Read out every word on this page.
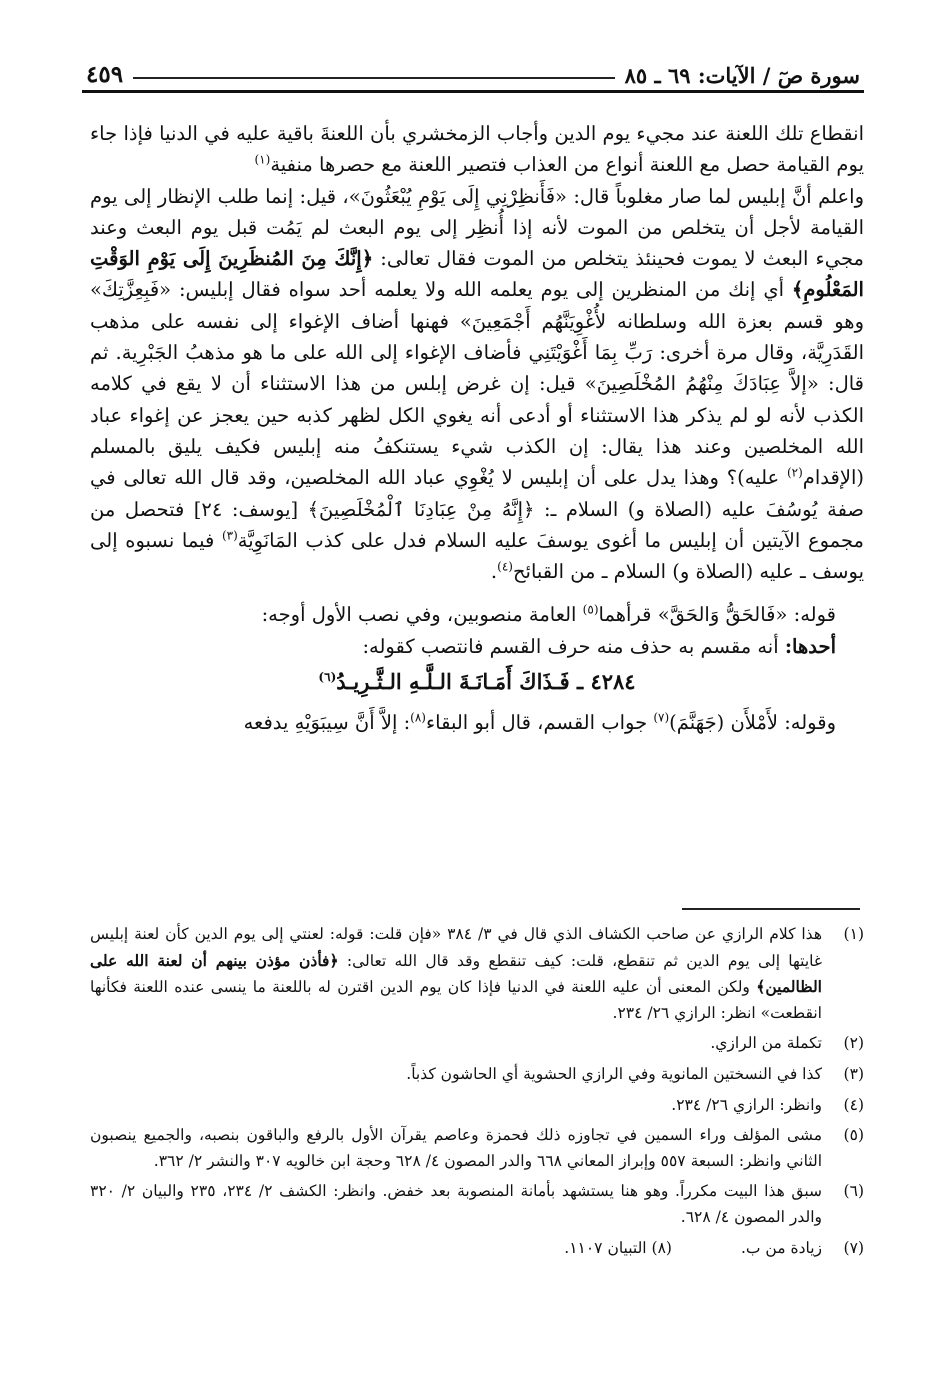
سورة صٓ / الآيات: ٦٩ ـ ٨٥
٤٥٩

انقطاع تلك اللعنة عند مجيء يوم الدين وأجاب الزمخشري بأن اللعنةَ باقية عليه في الدنيا فإذا جاء يوم القيامة حصل مع اللعنة أنواع من العذاب فتصير اللعنة مع حصرها منفية$^{(١)}$

واعلم أنَّ إبليس لما صار مغلوباً قال: «فَأَنظِرْنِي إِلَى يَوْمِ يُبْعَثُونَ»، قيل: إنما طلب الإنظار إلى يوم القيامة لأجل أن يتخلص من الموت لأنه إذا أُنظِر إلى يوم البعث لم يَمُت قبل يوم البعث وعند مجيء البعث لا يموت فحينئذ يتخلص من الموت فقال تعالى: ﴿إِنَّكَ مِنَ المُنظَرِينَ إِلَى يَوْمِ الوَقْتِ المَعْلُومِ﴾ أي إنك من المنظرين إلى يوم يعلمه الله ولا يعلمه أحد سواه فقال إبليس: «فَبِعِزَّتِكَ» وهو قسم بعزة الله وسلطانه لأُغْوِيَنَّهُم أَجْمَعِينَ» فهنها أضاف الإغواء إلى نفسه على مذهب القَدَرِيَّة، وقال مرة أخرى: رَبِّ بِمَا أَغْوَيْتَنِي فأضاف الإغواء إلى الله على ما هو مذهبُ الجَبْرِية. ثم قال: «إلاَّ عِبَادَكَ مِنْهُمُ المُخْلَصِينَ» قيل: إن غرض إبلس من هذا الاستثناء أن لا يقع في كلامه الكذب لأنه لو لم يذكر هذا الاستثناء أو أدعى أنه يغوي الكل لظهر كذبه حين يعجز عن إغواء عباد الله المخلصين وعند هذا يقال: إن الكذب شيء يستنكفُ منه إبليس فكيف يليق بالمسلم (الإقدام$^{(٢)}$ عليه)؟ وهذا يدل على أن إبليس لا يُغْوِي عباد الله المخلصين، وقد قال الله تعالى في صفة يُوسُفَ عليه (الصلاة و) السلام ـ: ﴿إِنَّهُ مِنْ عِبَادِنَا ٱلْمُخْلَصِينَ﴾ [يوسف: ٢٤] فتحصل من مجموع الآيتين أن إبليس ما أغوى يوسفَ عليه السلام فدل على كذب المَانَوِيَّة$^{(٣)}$ فيما نسبوه إلى يوسف ـ عليه (الصلاة و) السلام ـ من القبائح$^{(٤)}$.

قوله: «فَالحَقُّ وَالحَقَّ» قرأهما$^{(٥)}$ العامة منصوبين، وفي نصب الأول أوجه:

أحدها: أنه مقسم به حذف منه حرف القسم فانتصب كقوله:

٤٢٨٤ ـ فَـذَاكَ أَمَـانَـةَ الـلَّـهِ الـثَّـرِيـدُ$^{(٦)}$

وقوله: لأَمْلأَن (جَهَنَّمَ)$^{(٧)}$ جواب القسم، قال أبو البقاء$^{(٨)}$: إلاَّ أَنَّ سِيبَوَيْهِ يدفعه

(١)
هذا كلام الرازي عن صاحب الكشاف الذي قال في ٣/ ٣٨٤ «فإن قلت: قوله: لعنتي إلى يوم الدين كأن لعنة إبليس غايتها إلى يوم الدين ثم تنقطع، قلت: كيف تنقطع وقد قال الله تعالى: ﴿فأذن مؤذن بينهم أن لعنة الله على الظالمين﴾ ولكن المعنى أن عليه اللعنة في الدنيا فإذا كان يوم الدين اقترن له باللعنة ما ينسى عنده اللعنة فكأنها انقطعت» انظر: الرازي ٢٦/ ٢٣٤.
(٢)
تكملة من الرازي.
(٣)
كذا في النسختين المانوية وفي الرازي الحشوية أي الحاشون كذباً.
(٤)
وانظر: الرازي ٢٦/ ٢٣٤.
(٥)
مشى المؤلف وراء السمين في تجاوزه ذلك فحمزة وعاصم يقرآن الأول بالرفع والباقون بنصبه، والجميع ينصبون الثاني وانظر: السبعة ٥٥٧ وإبراز المعاني ٦٦٨ والدر المصون ٤/ ٦٢٨ وحجة ابن خالويه ٣٠٧ والنشر ٢/ ٣٦٢.
(٦)
سبق هذا البيت مكرراً. وهو هنا يستشهد بأمانة المنصوبة بعد خفض. وانظر: الكشف ٢/ ٢٣٤، ٢٣٥ والبيان ٢/ ٣٢٠ والدر المصون ٤/ ٦٢٨.
(٧)
زيادة من ب.              (٨) التبيان ١١٠٧.
